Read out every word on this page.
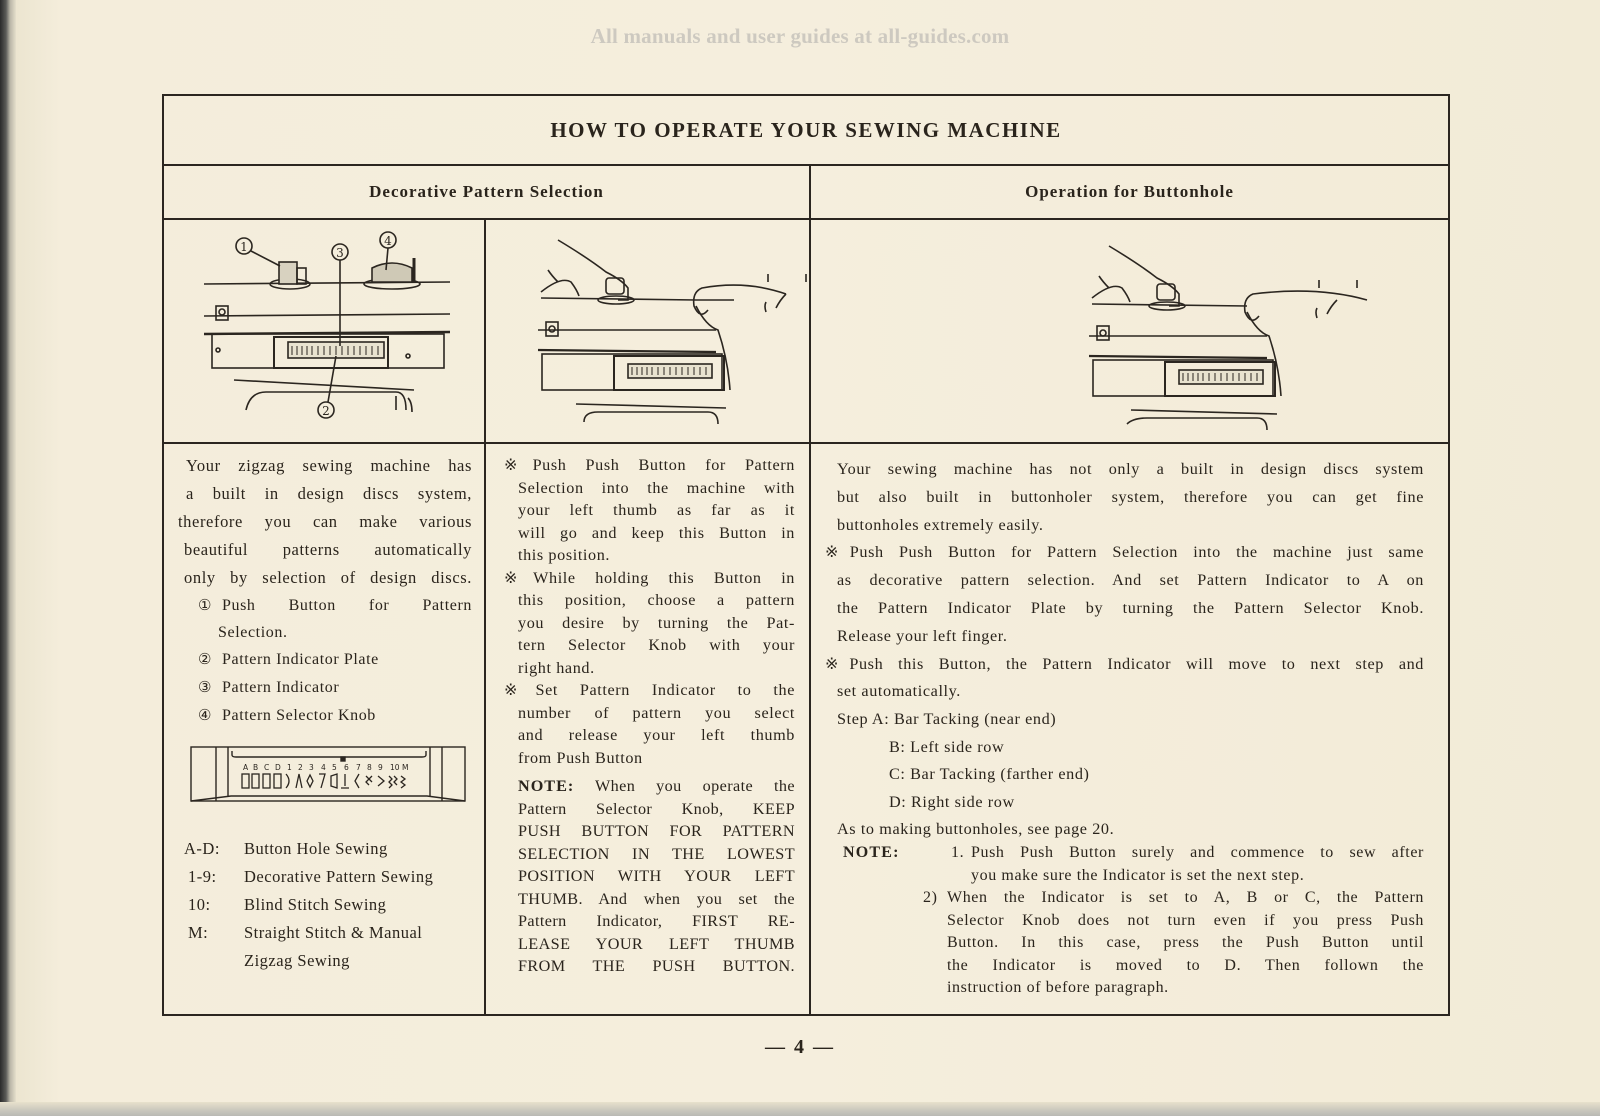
All manuals and user guides at all-guides.com
HOW TO OPERATE YOUR SEWING MACHINE
Decorative Pattern Selection	Operation for Buttonhole
1	3
4
2
Your zigzag sewing machine has
a built in design discs system,
therefore you can make various
beautiful patterns automatically
only by selection of design discs.
① Push Button for Pattern
Selection.
② Pattern Indicator Plate
③ Pattern Indicator
④ Pattern Selector Knob
A B C D 1 2 3 4 5 6 7 8 9 10 M
A-D:	Button Hole Sewing
1-9:	Decorative Pattern Sewing
10:	Blind Stitch Sewing
M:	Straight Stitch & Manual
Zigzag Sewing
※Push Push Button for Pattern
Selection into the machine with
your left thumb as far as it
will go and keep this Button in
this position.
※While holding this Button in
this position, choose a pattern
you desire by turning the Pat-
tern Selector Knob with your
right hand.
※Set Pattern Indicator to the
number of pattern you select
and release your left thumb
from Push Button
NOTE: When you operate the
Pattern Selector Knob, KEEP
PUSH BUTTON FOR PATTERN
SELECTION IN THE LOWEST
POSITION WITH YOUR LEFT
THUMB. And when you set the
Pattern Indicator, FIRST RE-
LEASE YOUR LEFT THUMB
FROM THE PUSH BUTTON.
Your sewing machine has not only a built in design discs system
but also built in buttonholer system, therefore you can get fine
buttonholes extremely easily.
※Push Push Button for Pattern Selection into the machine just same
as decorative pattern selection. And set Pattern Indicator to A on
the Pattern Indicator Plate by turning the Pattern Selector Knob.
Release your left finger.
※Push this Button, the Pattern Indicator will move to next step and
set automatically.
Step A: Bar Tacking (near end)
B: Left side row
C: Bar Tacking (farther end)
D: Right side row
As to making buttonholes, see page 20.
NOTE:	1. Push Push Button surely and commence to sew after
you make sure the Indicator is set the next step.
2) When the Indicator is set to A, B or C, the Pattern
Selector Knob does not turn even if you press Push
Button. In this case, press the Push Button until
the Indicator is moved to D. Then follown the
instruction of before paragraph.
— 4 —
